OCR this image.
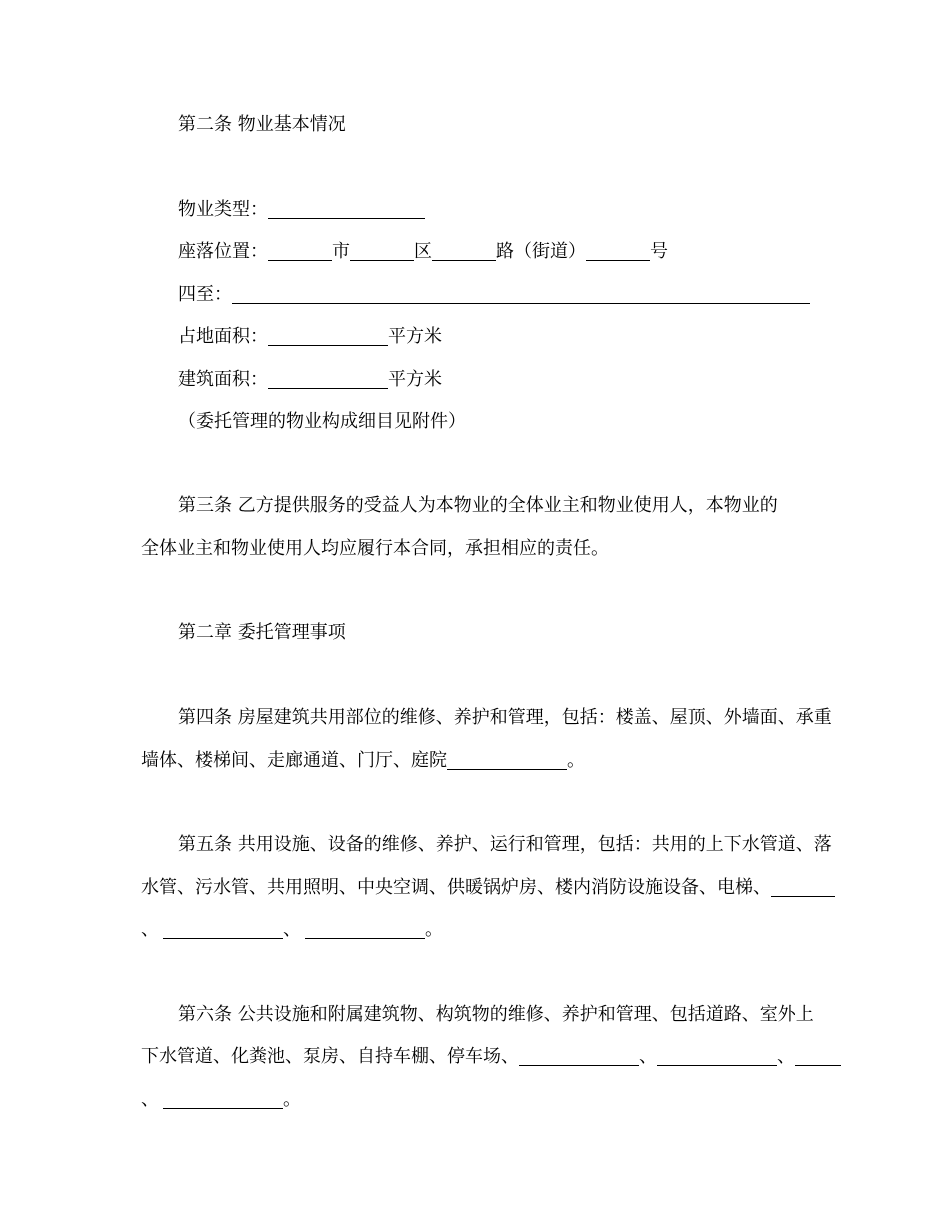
第二条 物业基本情况
物业类型：
座落位置：	市	区	路（街道）	号
四至：
占地面积：	平方米
建筑面积：	平方米
（委托管理的物业构成细目见附件）
第三条 乙方提供服务的受益人为本物业的全体业主和物业使用人，本物业的
全体业主和物业使用人均应履行本合同，承担相应的责任。
第二章 委托管理事项
第四条 房屋建筑共用部位的维修、养护和管理，包括：楼盖、屋顶、外墙面、承重
墙体、楼梯间、走廊通道、门厅、庭院	。
第五条 共用设施、设备的维修、养护、运行和管理，包括：共用的上下水管道、落
水管、污水管、共用照明、中央空调、供暖锅炉房、楼内消防设施设备、电梯、
、	、	。
第六条 公共设施和附属建筑物、构筑物的维修、养护和管理、包括道路、室外上
下水管道、化粪池、泵房、自持车棚、停车场、	、	、
、	。
